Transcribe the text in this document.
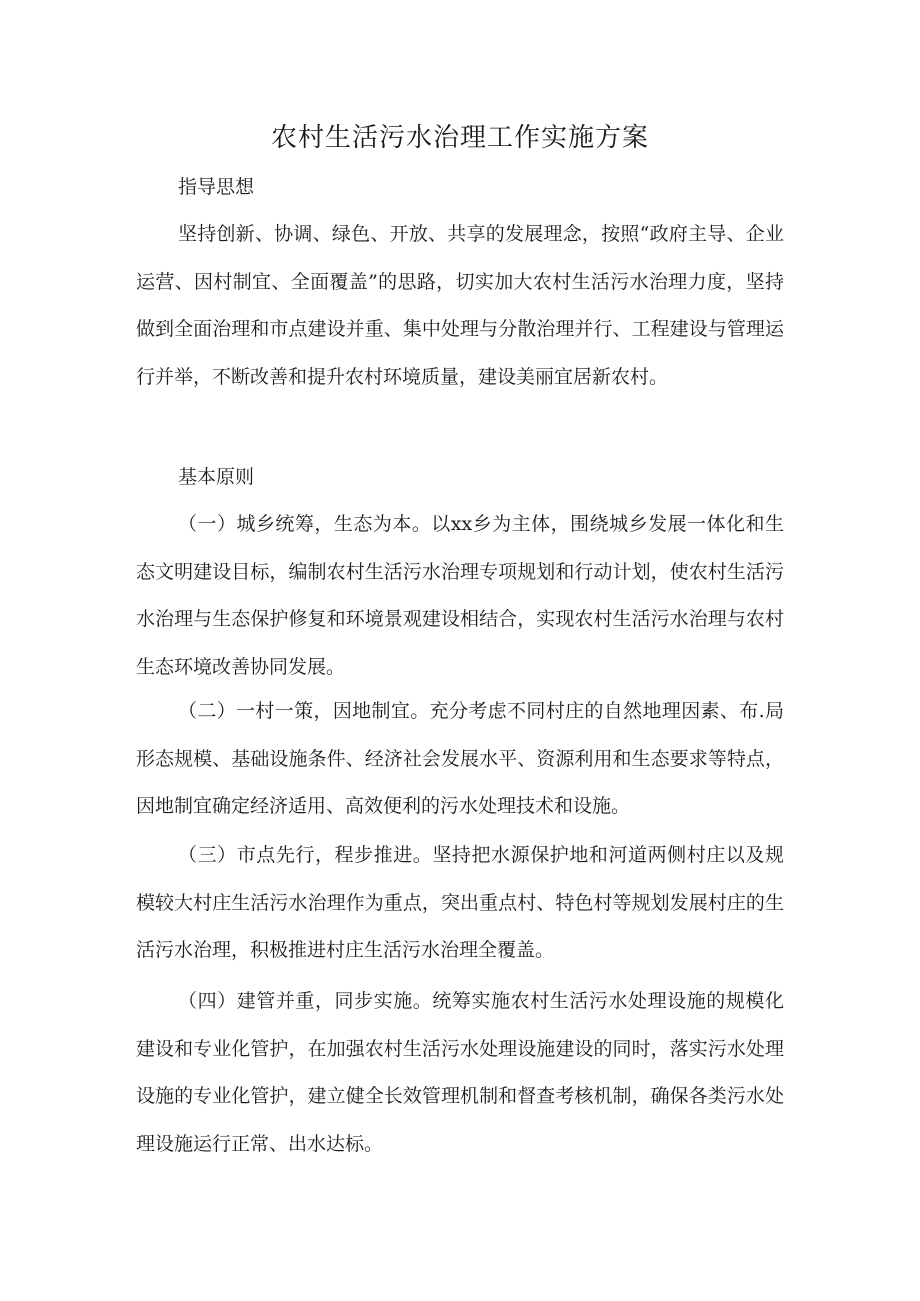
农村生活污水治理工作实施方案
指导思想
坚持创新、协调、绿色、开放、共享的发展理念，按照“政府主导、企业运营、因村制宜、全面覆盖”的思路，切实加大农村生活污水治理力度，坚持做到全面治理和市点建设并重、集中处理与分散治理并行、工程建设与管理运行并举，不断改善和提升农村环境质量，建设美丽宜居新农村。
基本原则
（一）城乡统筹，生态为本。以xx乡为主体，围绕城乡发展一体化和生态文明建设目标，编制农村生活污水治理专项规划和行动计划，使农村生活污水治理与生态保护修复和环境景观建设相结合，实现农村生活污水治理与农村生态环境改善协同发展。
（二）一村一策，因地制宜。充分考虑不同村庄的自然地理因素、布.局形态规模、基础设施条件、经济社会发展水平、资源利用和生态要求等特点，因地制宜确定经济适用、高效便利的污水处理技术和设施。
（三）市点先行，程步推进。坚持把水源保护地和河道两侧村庄以及规模较大村庄生活污水治理作为重点，突出重点村、特色村等规划发展村庄的生活污水治理，积极推进村庄生活污水治理全覆盖。
（四）建管并重，同步实施。统筹实施农村生活污水处理设施的规模化建设和专业化管护，在加强农村生活污水处理设施建设的同时，落实污水处理设施的专业化管护，建立健全长效管理机制和督查考核机制，确保各类污水处理设施运行正常、出水达标。
